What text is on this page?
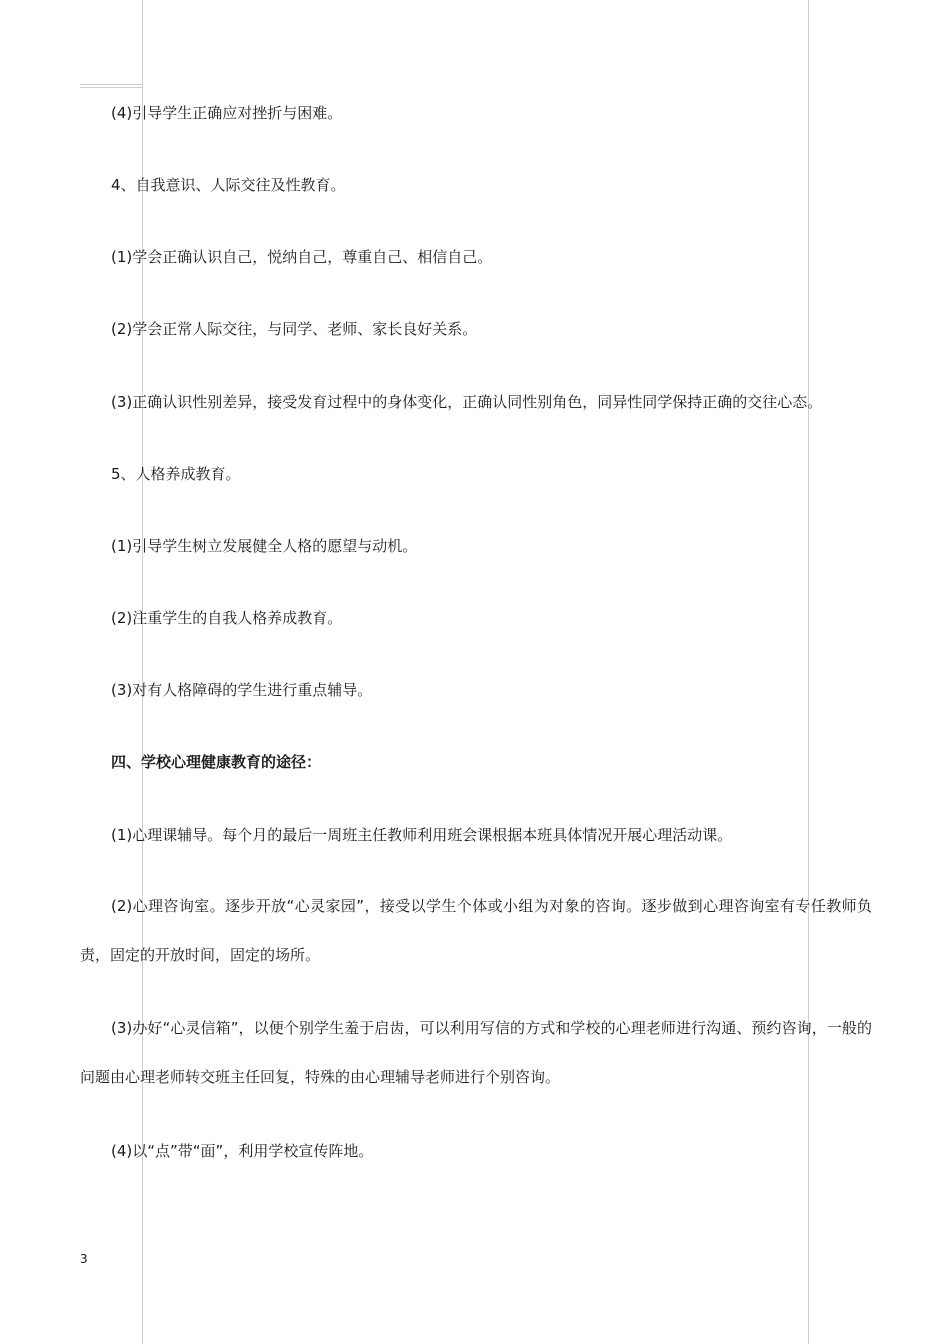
(4)引导学生正确应对挫折与困难。
4、自我意识、人际交往及性教育。
(1)学会正确认识自己，悦纳自己，尊重自己、相信自己。
(2)学会正常人际交往，与同学、老师、家长良好关系。
(3)正确认识性别差异，接受发育过程中的身体变化，正确认同性别角色，同异性同学保持正确的交往心态。
5、人格养成教育。
(1)引导学生树立发展健全人格的愿望与动机。
(2)注重学生的自我人格养成教育。
(3)对有人格障碍的学生进行重点辅导。
四、学校心理健康教育的途径：
(1)心理课辅导。每个月的最后一周班主任教师利用班会课根据本班具体情况开展心理活动课。
(2)心理咨询室。逐步开放“心灵家园”，接受以学生个体或小组为对象的咨询。逐步做到心理咨询室有专任教师负责，固定的开放时间，固定的场所。
(3)办好“心灵信箱”，以便个别学生羞于启齿，可以利用写信的方式和学校的心理老师进行沟通、预约咨询，一般的问题由心理老师转交班主任回复，特殊的由心理辅导老师进行个别咨询。
(4)以“点”带“面”，利用学校宣传阵地。
3
